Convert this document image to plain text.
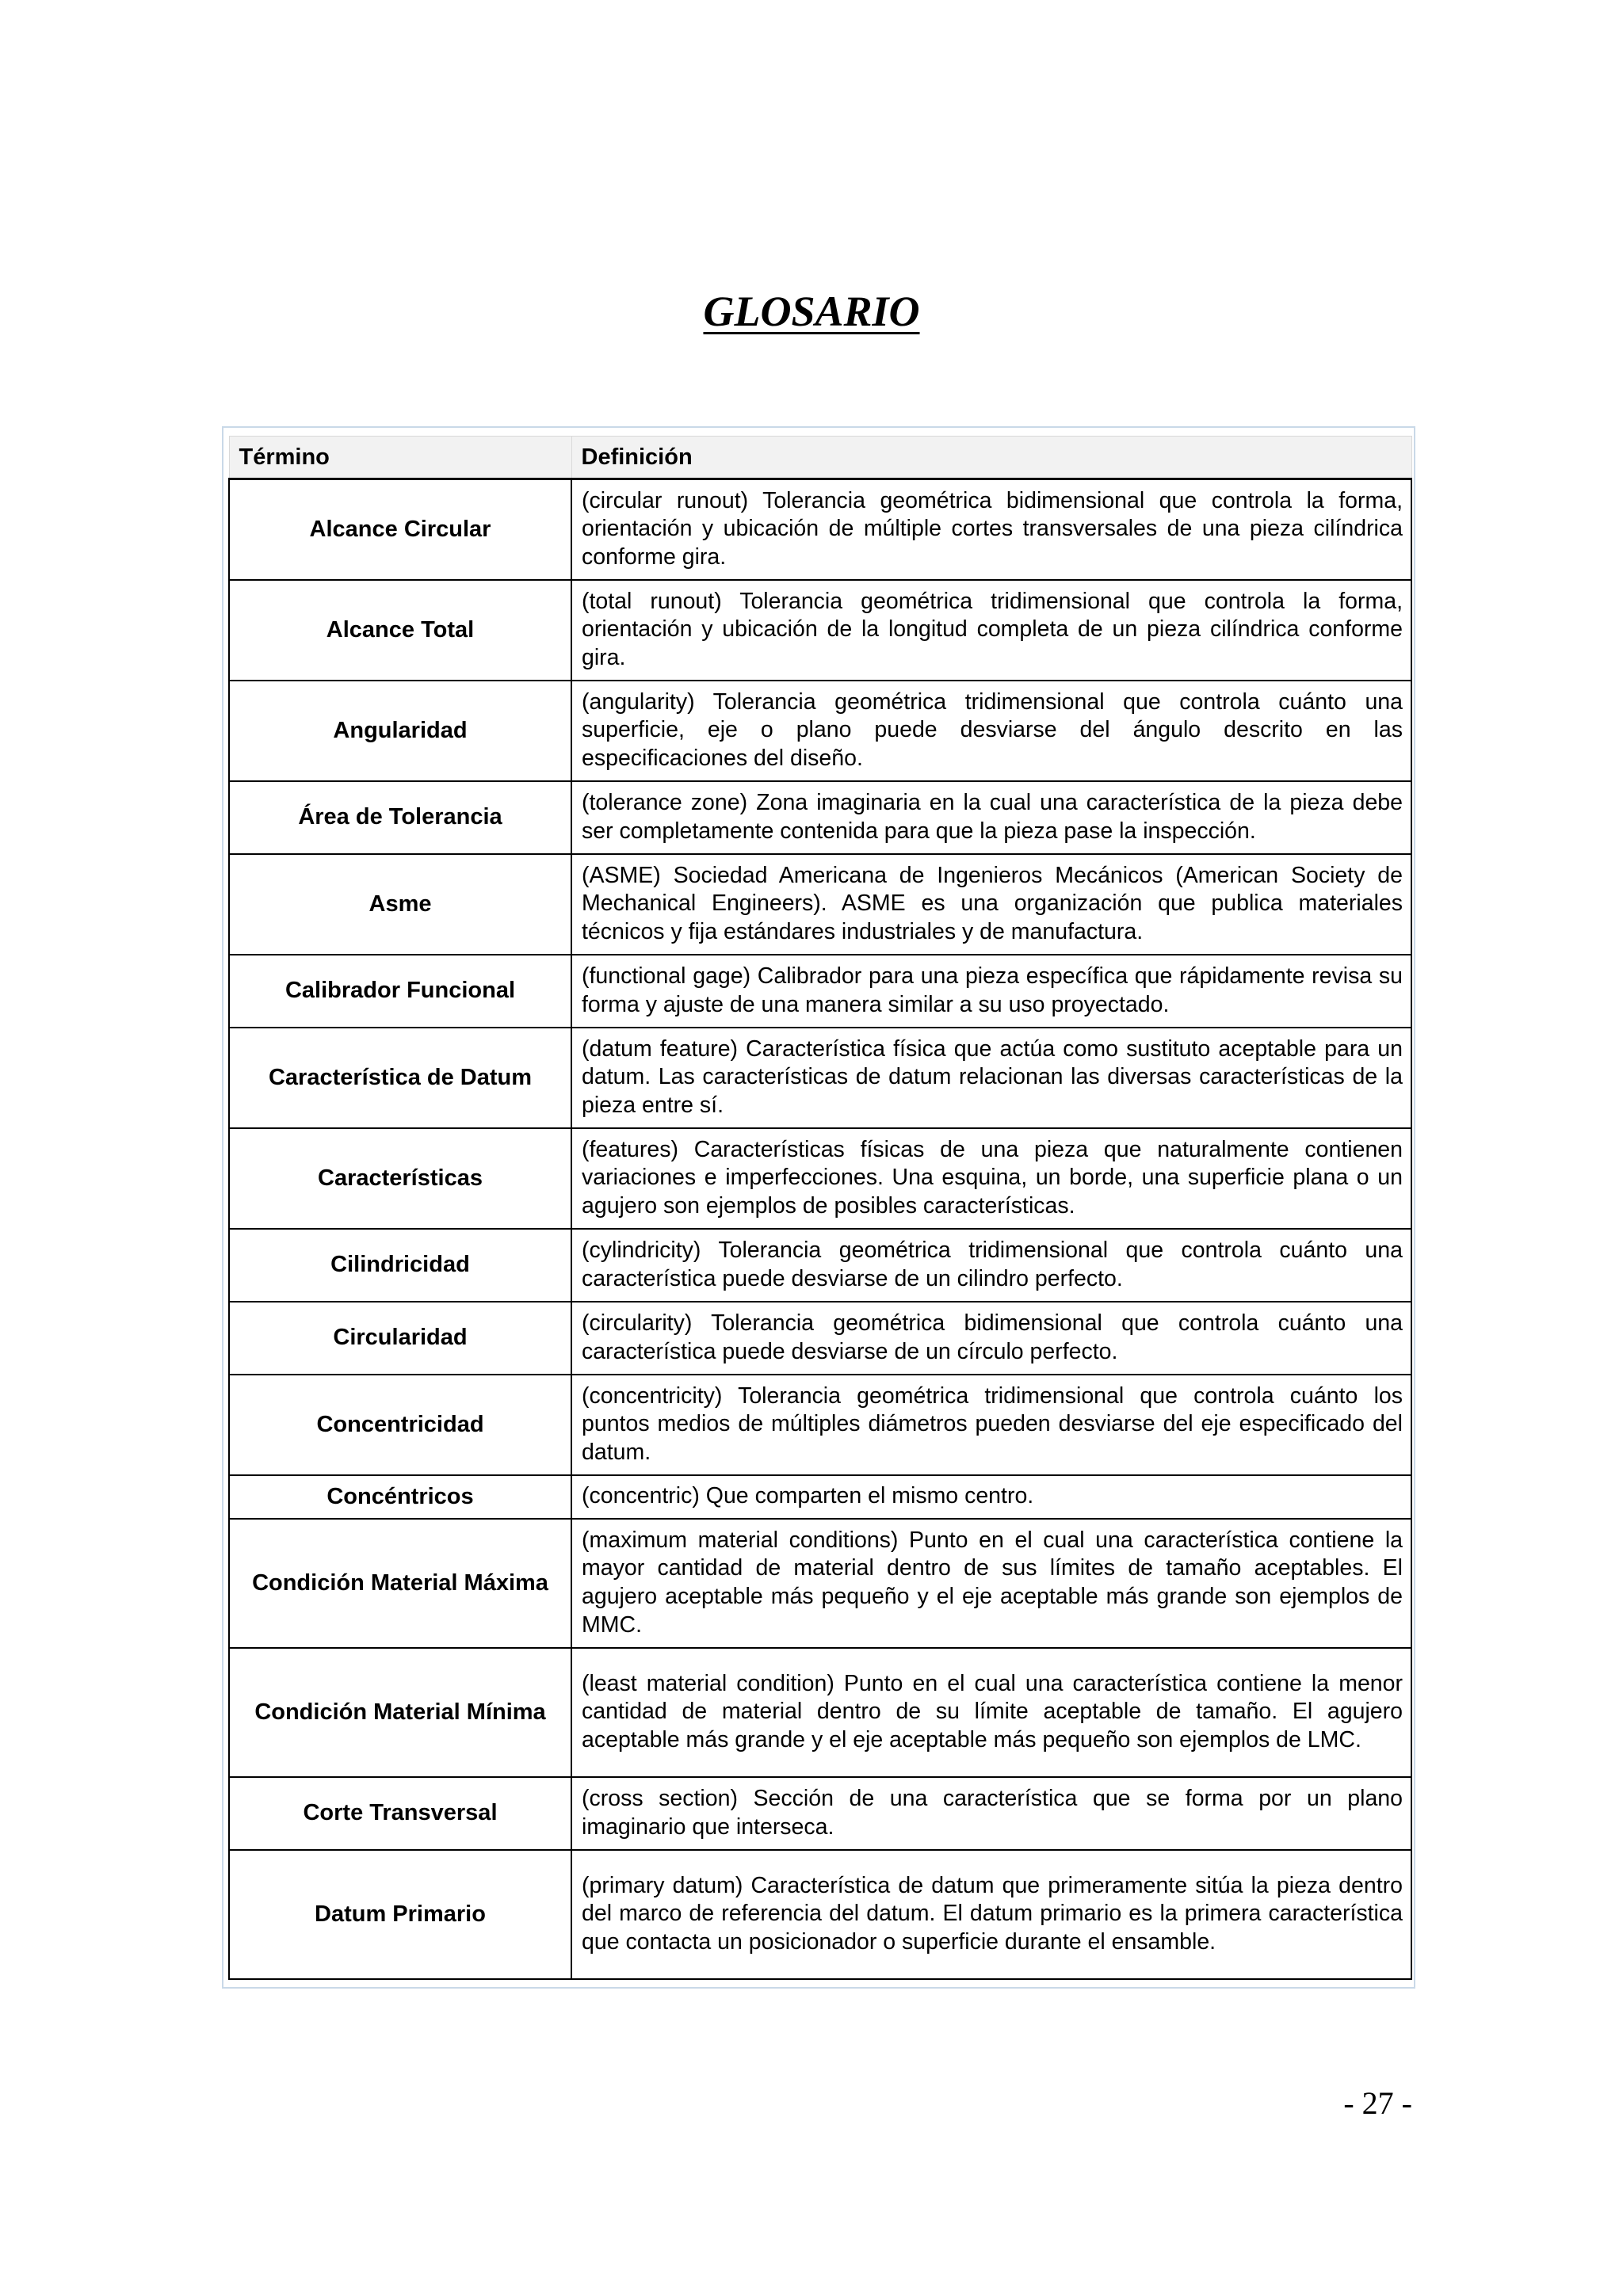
GLOSARIO
Término	Definición
Alcance Circular	(circular runout) Tolerancia geométrica bidimensional que controla la forma, orientación y ubicación de múltiple cortes transversales de una pieza cilíndrica conforme gira.
Alcance Total	(total runout) Tolerancia geométrica tridimensional que controla la forma, orientación y ubicación de la longitud completa de un pieza cilíndrica conforme gira.
Angularidad	(angularity) Tolerancia geométrica tridimensional que controla cuánto una superficie, eje o plano puede desviarse del ángulo descrito en las especificaciones del diseño.
Área de Tolerancia	(tolerance zone) Zona imaginaria en la cual una característica de la pieza debe ser completamente contenida para que la pieza pase la inspección.
Asme	(ASME) Sociedad Americana de Ingenieros Mecánicos (American Society de Mechanical Engineers). ASME es una organización que publica materiales técnicos y fija estándares industriales y de manufactura.
Calibrador Funcional	(functional gage) Calibrador para una pieza específica que rápidamente revisa su forma y ajuste de una manera similar a su uso proyectado.
Característica de Datum	(datum feature) Característica física que actúa como sustituto aceptable para un datum. Las características de datum relacionan las diversas características de la pieza entre sí.
Características	(features) Características físicas de una pieza que naturalmente contienen variaciones e imperfecciones. Una esquina, un borde, una superficie plana o un agujero son ejemplos de posibles características.
Cilindricidad	(cylindricity) Tolerancia geométrica tridimensional que controla cuánto una característica puede desviarse de un cilindro perfecto.
Circularidad	(circularity) Tolerancia geométrica bidimensional que controla cuánto una característica puede desviarse de un círculo perfecto.
Concentricidad	(concentricity) Tolerancia geométrica tridimensional que controla cuánto los puntos medios de múltiples diámetros pueden desviarse del eje especificado del datum.
Concéntricos	(concentric) Que comparten el mismo centro.
Condición Material Máxima	(maximum material conditions) Punto en el cual una característica contiene la mayor cantidad de material dentro de sus límites de tamaño aceptables. El agujero aceptable más pequeño y el eje aceptable más grande son ejemplos de MMC.
Condición Material Mínima	(least material condition) Punto en el cual una característica contiene la menor cantidad de material dentro de su límite aceptable de tamaño. El agujero aceptable más grande y el eje aceptable más pequeño son ejemplos de LMC.
Corte Transversal	(cross section) Sección de una característica que se forma por un plano imaginario que interseca.
Datum Primario	(primary datum) Característica de datum que primeramente sitúa la pieza dentro del marco de referencia del datum. El datum primario es la primera característica que contacta un posicionador o superficie durante el ensamble.
- 27 -
